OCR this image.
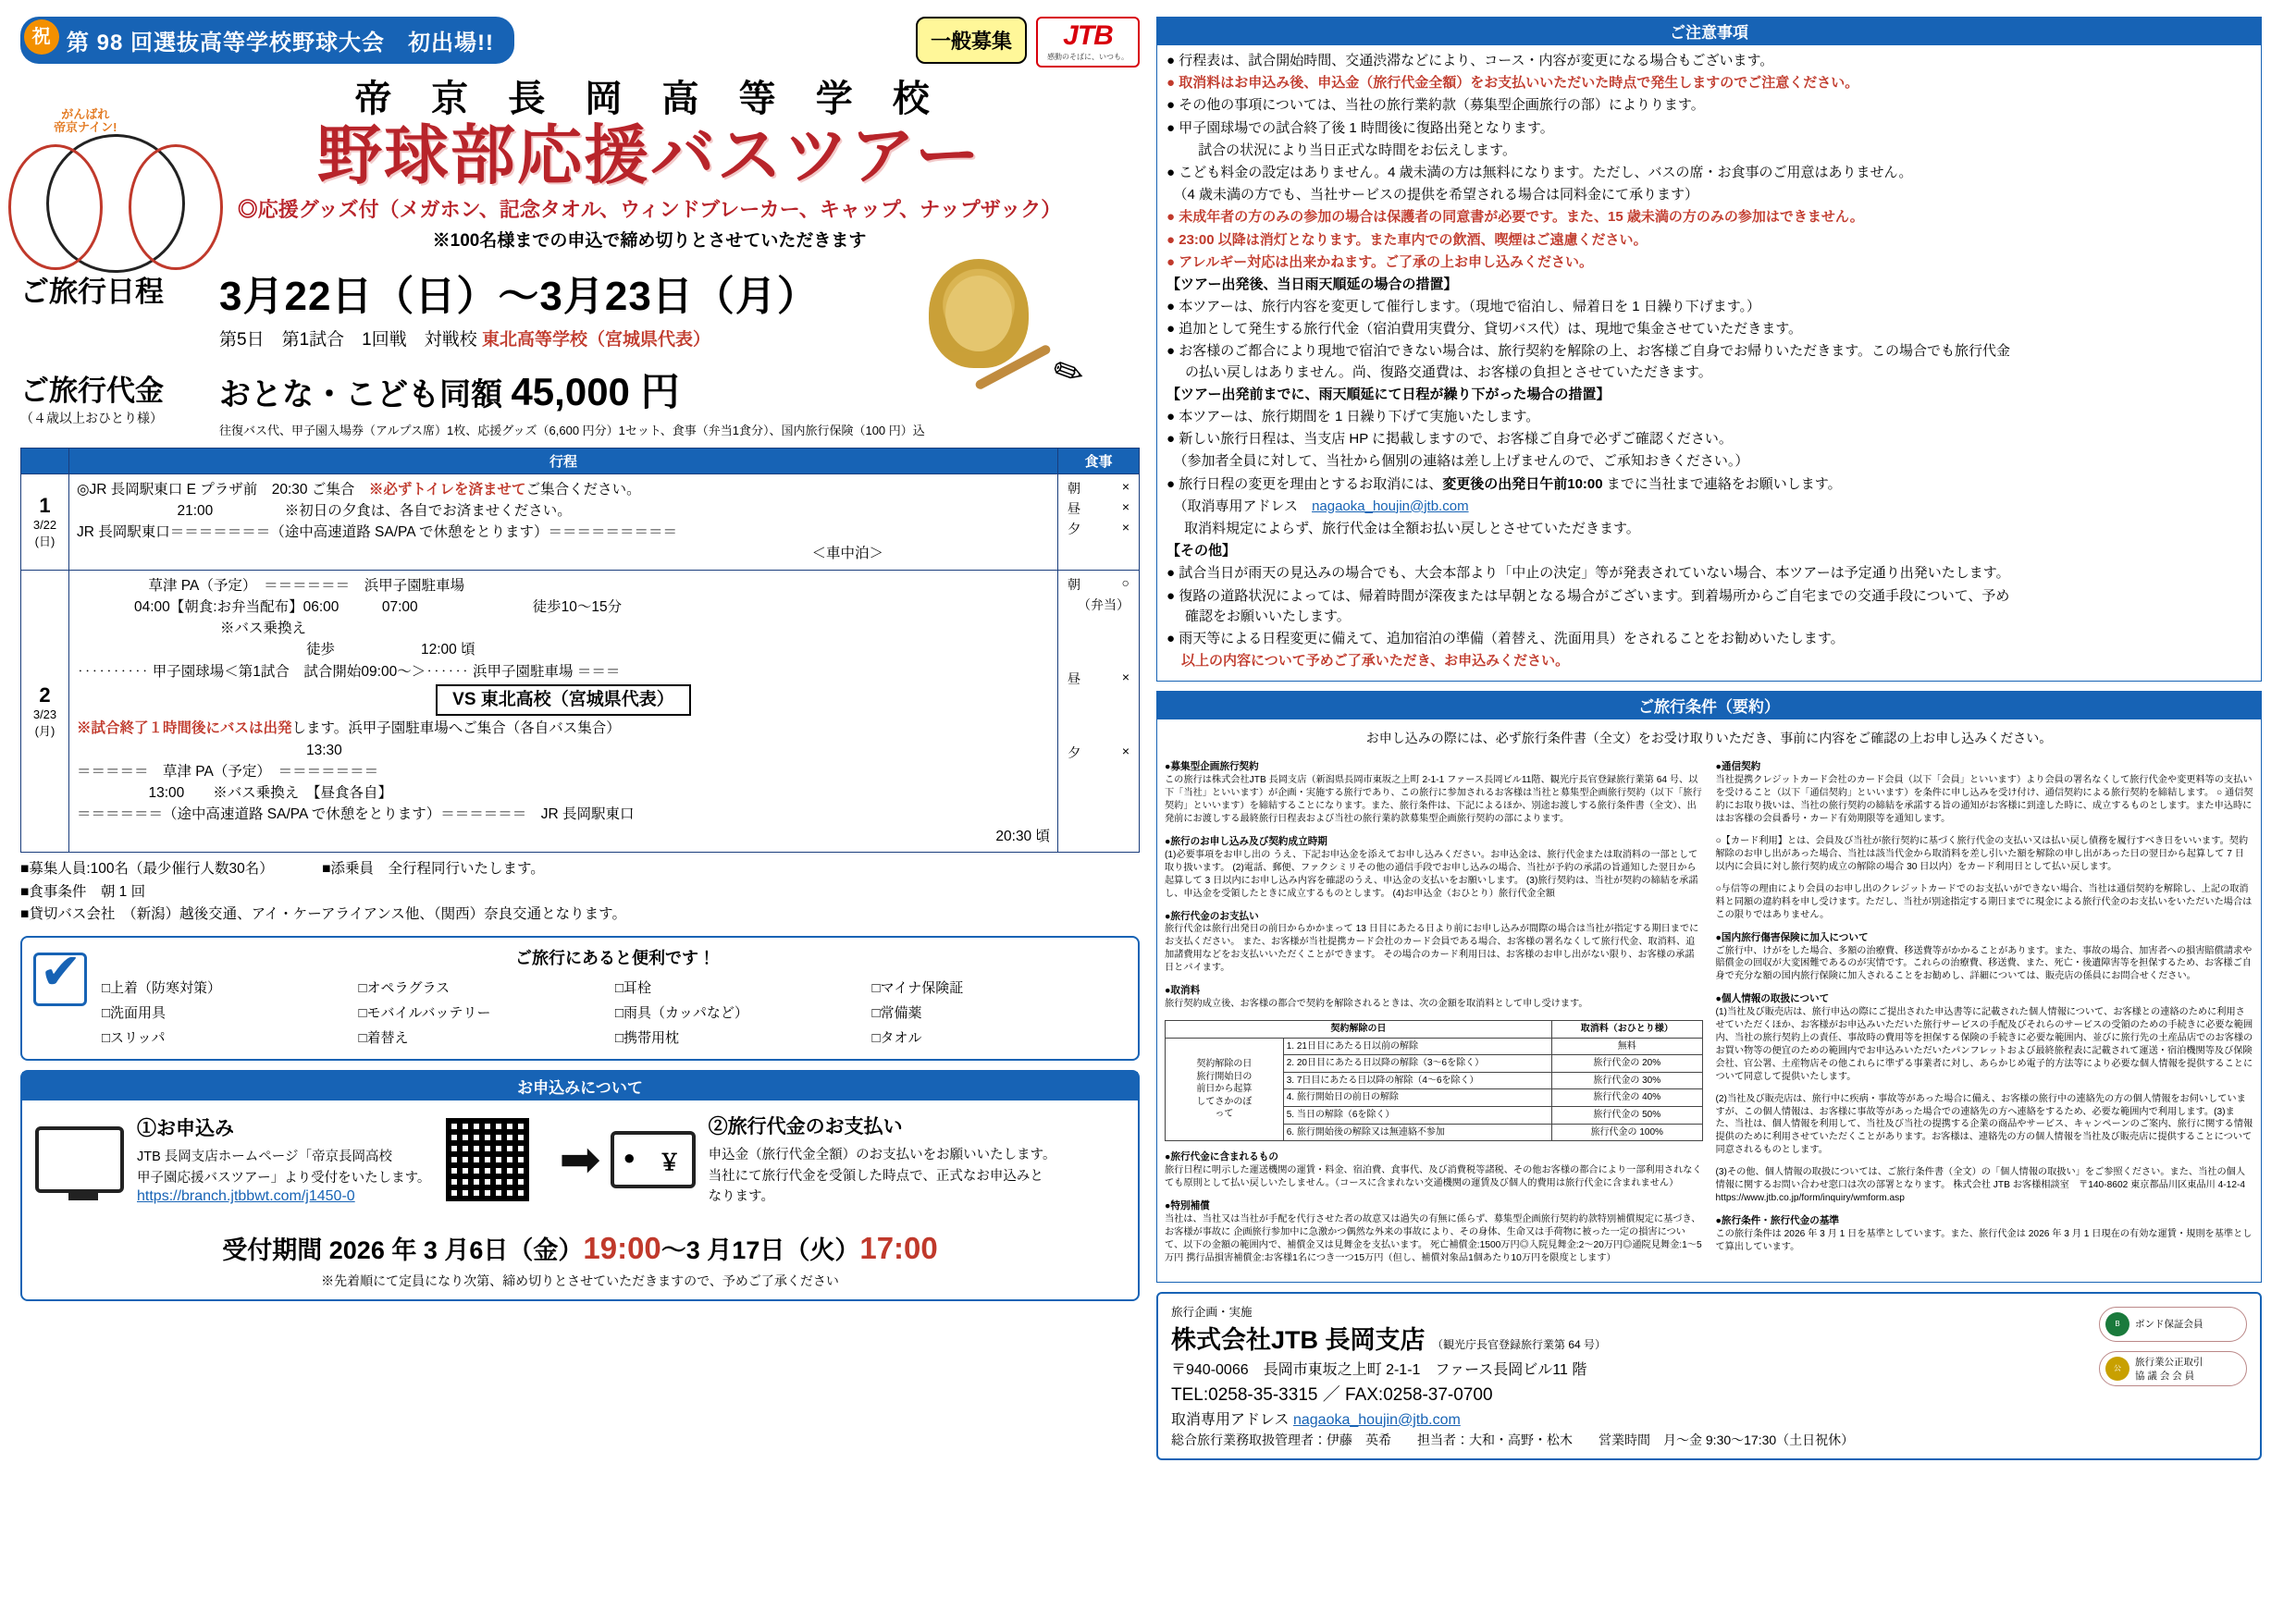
祝 第 98 回選抜高等学校野球大会　初出場!!	一般募集	JTB
感動のそばに、いつも。
がんばれ
帝京ナイン!
帝 京 長 岡 高 等 学 校
野球部応援バスツアー
◎応援グッズ付（メガホン、記念タオル、ウィンドブレーカー、キャップ、ナップザック）
※100名様までの申込で締め切りとさせていただきます
✏
ご旅行日程	3月22日（日）〜3月23日（月）
第5日　第1試合　1回戦　対戦校 東北高等学校（宮城県代表）
ご旅行代金
（４歳以上おひとり様）
おとな・こども同額 45,000 円
往復バス代、甲子園入場券（アルプス席）1枚、応援グッズ（6,600 円分）1セット、食事（弁当1食分）、国内旅行保険（100 円）込
	行程	食事

1
3/22
(日)

◎JR 長岡駅東口 E プラザ前　20:30 ご集合　※必ずトイレを済ませてご集合ください。
　　　　　　　21:00　　　　　※初日の夕食は、各自でお済ませください。
JR 長岡駅東口＝＝＝＝＝＝＝（途中高速道路 SA/PA で休憩をとります）＝＝＝＝＝＝＝＝＝
＜車中泊＞

朝	×
昼	×
夕	×

2
3/23
(月)

　　　　　草津 PA（予定）　＝＝＝＝＝＝　浜甲子園駐車場
　　　　04:00【朝食:お弁当配布】06:00　　　07:00　　　　　　　　徒歩10〜15分
　　　　　　　　　　※バス乗換え
　　　　　　　　　　　　　　　　徒歩　　　　　　12:00 頃
‥‥‥‥‥ 甲子園球場＜第1試合　試合開始09:00〜＞‥‥‥ 浜甲子園駐車場 ＝＝＝
VS 東北高校（宮城県代表）
※試合終了１時間後にバスは出発します。浜甲子園駐車場へご集合（各自バス集合）
　　　　　　　　　　　　　　　　13:30
＝＝＝＝＝　草津 PA（予定）　＝＝＝＝＝＝＝
　　　　　13:00　　※バス乗換え　【昼食各自】
＝＝＝＝＝＝（途中高速道路 SA/PA で休憩をとります）＝＝＝＝＝＝　JR 長岡駅東口
20:30 頃

朝	○
（弁当）
昼	×
夕	×
■募集人員:100名（最少催行人数30名）	■添乗員　全行程同行いたします。
■食事条件　朝 1 回
■貸切バス会社　（新潟）越後交通、アイ・ケーアライアンス他、（関西）奈良交通となります。
✔
ご旅行にあると便利です！
□上着（防寒対策）	□オペラグラス	□耳栓	□マイナ保険証
□洗面用具	□モバイルバッテリー	□雨具（カッパなど）	□常備薬
□スリッパ	□着替え	□携帯用枕	□タオル
お申込みについて
①お申込み
JTB 長岡支店ホームページ「帝京長岡高校
甲子園応援バスツアー」より受付をいたします。
https://branch.jtbbwt.com/j1450-0
➡
● ￥
②旅行代金のお支払い
申込金（旅行代金全額）のお支払いをお願いいたします。
当社にて旅行代金を受領した時点で、正式なお申込みと
なります。
受付期間 2026 年 3 月6日（金）19:00〜3 月17日（火）17:00
※先着順にて定員になり次第、締め切りとさせていただきますので、予めご了承ください
ご注意事項

● 行程表は、試合開始時間、交通渋滞などにより、コース・内容が変更になる場合もございます。

● 取消料はお申込み後、申込金（旅行代金全額）をお支払いいただいた時点で発生しますのでご注意ください。

● その他の事項については、当社の旅行業約款（募集型企画旅行の部）によりります。

● 甲子園球場での試合終了後 1 時間後に復路出発となります。

　　 試合の状況により当日正式な時間をお伝えします。

● こども料金の設定はありません。4 歳未満の方は無料になります。ただし、バスの席・お食事のご用意はありません。

　（4 歳未満の方でも、当社サービスの提供を希望される場合は同料金にて承ります）

● 未成年者の方のみの参加の場合は保護者の同意書が必要です。また、15 歳未満の方のみの参加はできません。

● 23:00 以降は消灯となります。また車内での飲酒、喫煙はご遠慮ください。

● アレルギー対応は出来かねます。ご了承の上お申し込みください。

【ツアー出発後、当日雨天順延の場合の措置】

● 本ツアーは、旅行内容を変更して催行します。（現地で宿泊し、帰着日を 1 日繰り下げます。）

● 追加として発生する旅行代金（宿泊費用実費分、貸切バス代）は、現地で集金させていただきます。

● お客様のご都合により現地で宿泊できない場合は、旅行契約を解除の上、お客様ご自身でお帰りいただきます。この場合でも旅行代金

の払い戻しはありません。尚、復路交通費は、お客様の負担とさせていただきます。

【ツアー出発前までに、雨天順延にて日程が繰り下がった場合の措置】

● 本ツアーは、旅行期間を 1 日繰り下げて実施いたします。

● 新しい旅行日程は、当支店 HP に掲載しますので、お客様ご自身で必ずご確認ください。

　（参加者全員に対して、当社から個別の連絡は差し上げませんので、ご承知おきください。）

● 旅行日程の変更を理由とするお取消には、変更後の出発日午前10:00 までに当社まで連絡をお願いします。

　（取消専用アドレス　nagaoka_houjin@jtb.com

　 取消料規定によらず、旅行代金は全額お払い戻しとさせていただきます。

【その他】

● 試合当日が雨天の見込みの場合でも、大会本部より「中止の決定」等が発表されていない場合、本ツアーは予定通り出発いたします。

● 復路の道路状況によっては、帰着時間が深夜または早朝となる場合がございます。到着場所からご自宅までの交通手段について、予め

確認をお願いいたします。

● 雨天等による日程変更に備えて、追加宿泊の準備（着替え、洗面用具）をされることをお勧めいたします。

以上の内容について予めご了承いただき、お申込みください。

ご旅行条件（要約）
お申し込みの際には、必ず旅行条件書（全文）をお受け取りいただき、事前に内容をご確認の上お申し込みください。

●募集型企画旅行契約
この旅行は株式会社JTB 長岡支店（新潟県長岡市東坂之上町 2-1-1 ファース長岡ビル11階、観光庁長官登録旅行業第 64 号、以下「当社」といいます）が企画・実施する旅行であり、この旅行に参加されるお客様は当社と募集型企画旅行契約（以下「旅行契約」といいます）を締結することになります。また、旅行条件は、下記によるほか、別途お渡しする旅行条件書（全文）、出発前にお渡しする最終旅行日程表および当社の旅行業約款募集型企画旅行契約の部によります。

●旅行のお申し込み及び契約成立時期
(1)必要事項をお申し出の うえ、下記お申込金を添えてお申し込みください。お申込金は、旅行代金または取消料の一部として取り扱います。 (2)電話、郵便、ファクシミリその他の通信手段でお申し込みの場合、当社が予約の承諾の旨通知した翌日から起算して 3 日以内にお申し込み内容を確認のうえ、申込金の支払いをお願いします。 (3)旅行契約は、当社が契約の締結を承諾し、申込金を受領したときに成立するものとします。 (4)お申込金（おひとり）旅行代金全額

●旅行代金のお支払い
旅行代金は旅行出発日の前日からかかまって 13 日目にあたる日より前にお申し込みが間際の場合は当社が指定する期日までにお支払ください。 また、お客様が当社提携カード会社のカード会員である場合、お客様の署名なくして旅行代金、取消料、追加諸費用などをお支払いいただくことができます。 その場合のカード利用日は、お客様のお申し出がない限り、お客様の承諾日とバイます。

●取消料
旅行契約成立後、お客様の都合で契約を解除されるときは、次の金額を取消料として申し受けます。

契約解除の日		取消料（おひとり様）
契約解除の日
旅行開始日の
前日から起算
してさかのぼ
って	1. 21日目にあたる日以前の解除	無料
	2. 20日目にあたる日以降の解除（3〜6を除く）	旅行代金の 20%
	3. 7日目にあたる日以降の解除（4〜6を除く）	旅行代金の 30%
	4. 旅行開始日の前日の解除	旅行代金の 40%
	5. 当日の解除（6を除く）	旅行代金の 50%
	6. 旅行開始後の解除又は無連絡不参加	旅行代金の 100%

●旅行代金に含まれるもの
旅行日程に明示した運送機関の運賃・料金、宿泊費、食事代、及び消費税等諸税、その他お客様の都合により一部利用されなくても原則として払い戻しいたしません。（コースに含まれない交通機関の運賃及び個人的費用は旅行代金に含まれません）

●特別補償
当社は、当社又は当社が手配を代行させた者の故意又は過失の有無に係らず、募集型企画旅行契約約款特別補償規定に基づき、お客様が事故に 企画旅行参加中に急激かつ偶然な外来の事故により、その身体、生命又は手荷物に被った一定の損害について、以下の金額の範囲内で、補償金又は見舞金を支払います。 死亡補償金:1500万円◎入院見舞金:2〜20万円◎通院見舞金:1〜5万円 携行品損害補償金:お客様1名につき一つ15万円（但し、補償対象品1個あたり10万円を限度とします）

●通信契約
当社提携クレジットカード会社のカード会員（以下「会員」といいます）より会員の署名なくして旅行代金や変更料等の支払いを受けること（以下「通信契約」といいます）を条件に申し込みを受け付け、通信契約による旅行契約を締結します。 ○ 通信契約にお取り扱いは、当社の旅行契約の締結を承諾する旨の通知がお客様に到達した時に、成立するものとします。また申込時にはお客様の会員番号・カード有効期限等を通知します。

○【カード利用】とは、会員及び当社が旅行契約に基づく旅行代金の支払い又は払い戻し債務を履行すべき日をいいます。契約解除のお申し出があった場合、当社は該当代金から取消料を差し引いた額を解除の申し出があった日の翌日から起算して 7 日以内に会員に対し旅行契約成立の解除の場合 30 日以内）をカード利用日として払い戻します。

○与信等の理由により会員のお申し出のクレジットカードでのお支払いができない場合、当社は通信契約を解除し、上記の取消料と同額の違約料を申し受けます。ただし、当社が別途指定する期日までに現金による旅行代金のお支払いをいただいた場合はこの限りではありません。

●国内旅行傷害保険に加入について
ご旅行中、けがをした場合、多額の治療費、移送費等がかかることがあります。また、事故の場合、加害者への損害賠償請求や賠償金の回収が大変困難であるのが実情です。これらの治療費、移送費、また、死亡・後遺障害等を担保するため、お客様ご自身で充分な額の国内旅行保険に加入されることをお勧めし、詳細については、販売店の係員にお問合せください。

●個人情報の取扱について
(1)当社及び販売店は、旅行申込の際にご提出された申込書等に記載された個人情報について、お客様との連絡のために利用させていただくほか、お客様がお申込みいただいた旅行サービスの手配及びそれらのサービスの受領のための手続きに必要な範囲内、当社の旅行契約上の責任、事故時の費用等を担保する保険の手続きに必要な範囲内、並びに旅行先の土産品店でのお客様のお買い物等の便宜のための範囲内でお申込みいただいたパンフレットおよび最終旅程表に記載されて運送・宿泊機関等及び保険会社、官公署、土産物店その他これらに準ずる事業者に対し、あらかじめ電子的方法等により必要な個人情報を提供することについて同意して提供いたします。

(2)当社及び販売店は、旅行中に疾病・事故等があった場合に備え、お客様の旅行中の連絡先の方の個人情報をお伺いしていますが、この個人情報は、お客様に事故等があった場合での連絡先の方へ連絡をするため、必要な範囲内で利用します。(3)また、当社は、個人情報を利用して、当社及び当社の提携する企業の商品やサービス、キャンペーンのご案内、旅行に関する情報提供のために利用させていただくことがあります。お客様は、連絡先の方の個人情報を当社及び販売店に提供することについて同意されるものとします。

(3)その他、個人情報の取扱については、ご旅行条件書（全文）の「個人情報の取扱い」をご参照ください。また、当社の個人情報に関するお問い合わせ窓口は次の部署となります。 株式会社 JTB お客様相談室　〒140-8602 東京都品川区東品川 4-12-4 https://www.jtb.co.jp/form/inquiry/wmform.asp

●旅行条件・旅行代金の基準
この旅行条件は 2026 年 3 月 1 日を基準としています。また、旅行代金は 2026 年 3 月 1 日現在の有効な運賃・規則を基準として算出しています。

旅行企画・実施
株式会社JTB 長岡支店 （観光庁長官登録旅行業第 64 号）
〒940-0066　長岡市東坂之上町 2-1-1　ファース長岡ビル11 階
TEL:0258-35-3315 ／ FAX:0258-37-0700
取消専用アドレス nagaoka_houjin@jtb.com
総合旅行業務取扱管理者：伊藤　英希　　担当者：大和・高野・松木　　営業時間　月〜金 9:30〜17:30（土日祝休）
B	ボンド保証会員
公
旅行業公正取引
協 議 会 会 員
